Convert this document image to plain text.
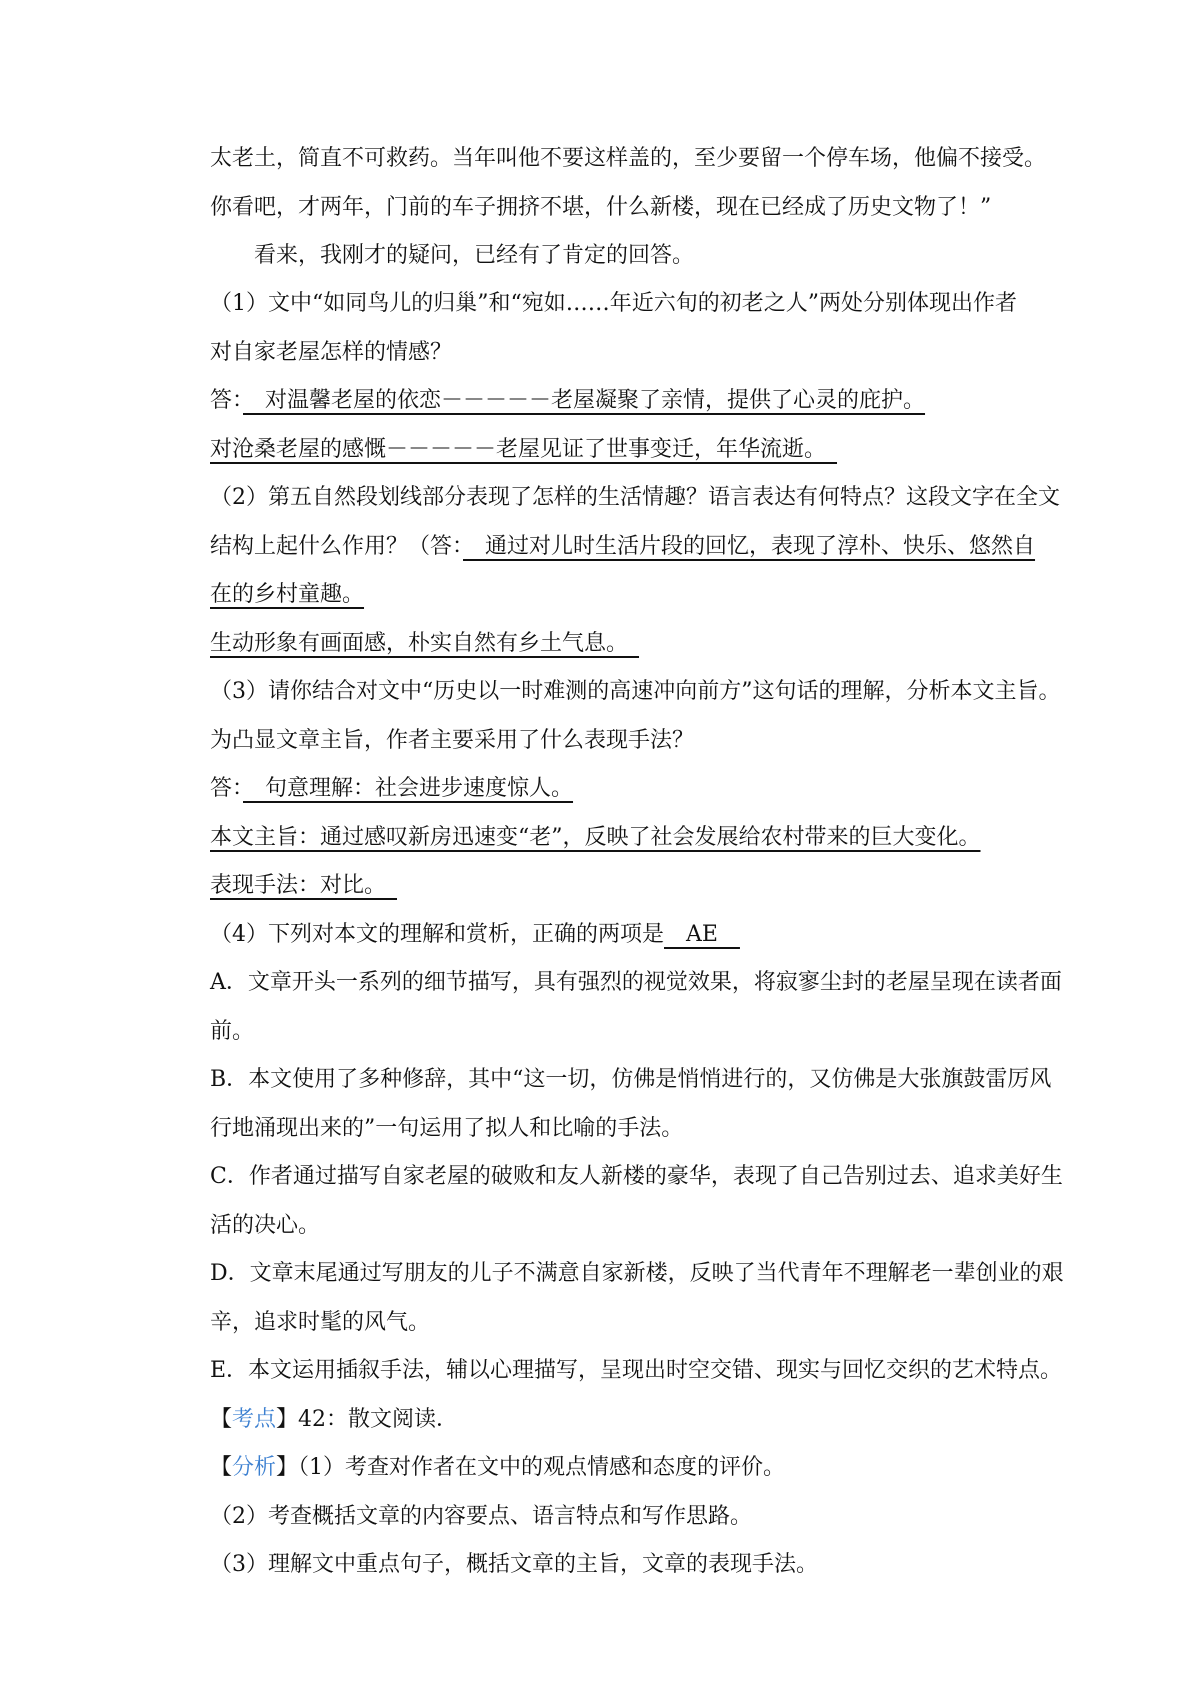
太老土，简直不可救药。当年叫他不要这样盖的，至少要留一个停车场，他偏不接受。
你看吧，才两年，门前的车子拥挤不堪，什么新楼，现在已经成了历史文物了！”
看来，我刚才的疑问，已经有了肯定的回答。
（1）文中“如同鸟儿的归巢”和“宛如……年近六旬的初老之人”两处分别体现出作者
对自家老屋怎样的情感？
答：　对温馨老屋的依恋－－－－－老屋凝聚了亲情，提供了心灵的庇护。
对沧桑老屋的感慨－－－－－老屋见证了世事变迁，年华流逝。　
（2）第五自然段划线部分表现了怎样的生活情趣？语言表达有何特点？这段文字在全文
结构上起什么作用？（答：　通过对儿时生活片段的回忆，表现了淳朴、快乐、悠然自
在的乡村童趣。
生动形象有画面感，朴实自然有乡土气息。　
（3）请你结合对文中“历史以一时难测的高速冲向前方”这句话的理解，分析本文主旨。
为凸显文章主旨，作者主要采用了什么表现手法？
答：　句意理解：社会进步速度惊人。
本文主旨：通过感叹新房迅速变“老”，反映了社会发展给农村带来的巨大变化。
表现手法：对比。　
（4）下列对本文的理解和赏析，正确的两项是　AE　
A．文章开头一系列的细节描写，具有强烈的视觉效果，将寂寥尘封的老屋呈现在读者面
前。
B．本文使用了多种修辞，其中“这一切，仿佛是悄悄进行的，又仿佛是大张旗鼓雷厉风
行地涌现出来的”一句运用了拟人和比喻的手法。
C．作者通过描写自家老屋的破败和友人新楼的豪华，表现了自己告别过去、追求美好生
活的决心。
D．文章末尾通过写朋友的儿子不满意自家新楼，反映了当代青年不理解老一辈创业的艰
辛，追求时髦的风气。
E．本文运用插叙手法，辅以心理描写，呈现出时空交错、现实与回忆交织的艺术特点。
【考点】42：散文阅读．
【分析】（1）考查对作者在文中的观点情感和态度的评价。
（2）考查概括文章的内容要点、语言特点和写作思路。
（3）理解文中重点句子，概括文章的主旨，文章的表现手法。
